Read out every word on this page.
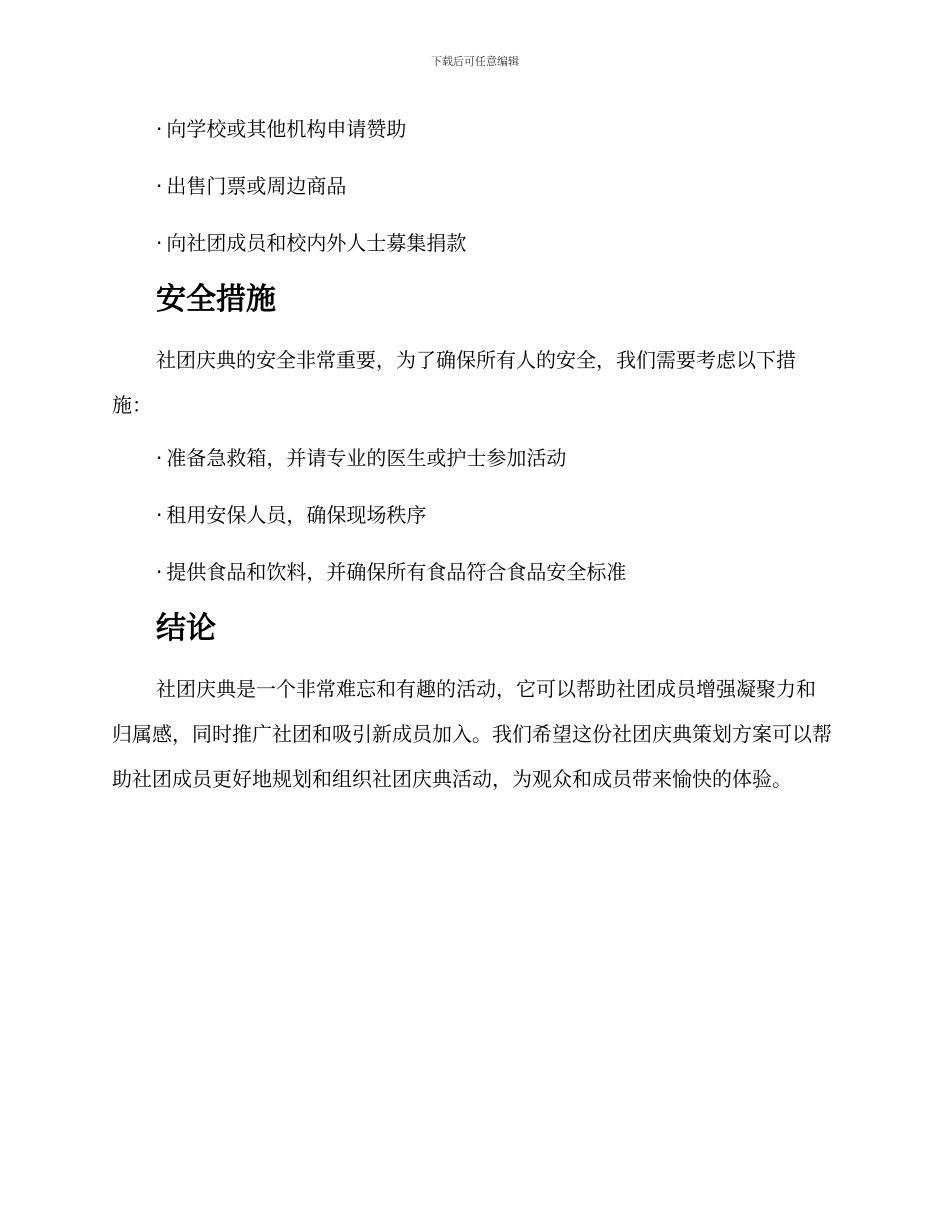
下载后可任意编辑

· 向学校或其他机构申请赞助

· 出售门票或周边商品

· 向社团成员和校内外人士募集捐款

安全措施

社团庆典的安全非常重要，为了确保所有人的安全，我们需要考虑以下措施：

· 准备急救箱，并请专业的医生或护士参加活动

· 租用安保人员，确保现场秩序

· 提供食品和饮料，并确保所有食品符合食品安全标准

结论

社团庆典是一个非常难忘和有趣的活动，它可以帮助社团成员增强凝聚力和归属感，同时推广社团和吸引新成员加入。我们希望这份社团庆典策划方案可以帮助社团成员更好地规划和组织社团庆典活动，为观众和成员带来愉快的体验。
